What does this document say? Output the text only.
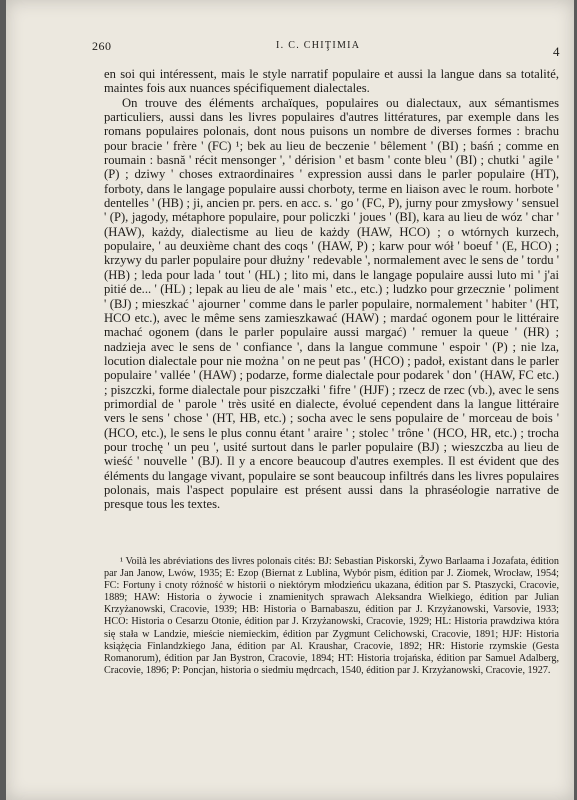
260	I. C. CHIŢIMIA	4

en soi qui intéressent, mais le style narratif populaire et aussi la langue dans sa totalité, maintes fois aux nuances spécifiquement dialectales.

On trouve des éléments archaïques, populaires ou dialectaux, aux sémantismes particuliers, aussi dans les livres populaires d'autres littératures, par exemple dans les romans populaires polonais, dont nous puisons un nombre de diverses formes : brachu pour bracie ' frère ' (FC) ¹; bek au lieu de beczenie ' bêlement ' (BI) ; baśń ; comme en roumain : basnă ' récit mensonger ', ' dérision ' et basm ' conte bleu ' (BI) ; chutki ' agile ' (P) ; dziwy ' choses extraordinaires ' expression aussi dans le parler populaire (HT), forboty, dans le langage populaire aussi chorboty, terme en liaison avec le roum. horbote ' dentelles ' (HB) ; ji, ancien pr. pers. en acc. s. ' go ' (FC, P), jurny pour zmysłowy ' sensuel ' (P), jagody, métaphore populaire, pour policzki ' joues ' (BI), kara au lieu de wóz ' char ' (HAW), każdy, dialectisme au lieu de każdy (HAW, HCO) ; o wtórnych kurzech, populaire, ' au deuxième chant des coqs ' (HAW, P) ; karw pour wół ' boeuf ' (E, HCO) ; krzywy du parler populaire pour dłużny ' redevable ', normalement avec le sens de ' tordu ' (HB) ; leda pour lada ' tout ' (HL) ; lito mi, dans le langage populaire aussi luto mi ' j'ai pitié de... ' (HL) ; lepak au lieu de ale ' mais ' etc., etc.) ; ludzko pour grzecznie ' poliment ' (BJ) ; mieszkać ' ajourner ' comme dans le parler populaire, normalement ' habiter ' (HT, HCO etc.), avec le même sens zamieszkawać (HAW) ; mardać ogonem pour le littéraire machać ogonem (dans le parler populaire aussi margać) ' remuer la queue ' (HR) ; nadzieja avec le sens de ' confiance ', dans la langue commune ' espoir ' (P) ; nie lza, locution dialectale pour nie można ' on ne peut pas ' (HCO) ; padoł, existant dans le parler populaire ' vallée ' (HAW) ; podarze, forme dialectale pour podarek ' don ' (HAW, FC etc.) ; piszczki, forme dialectale pour piszczałki ' fifre ' (HJF) ; rzecz de rzec (vb.), avec le sens primordial de ' parole ' très usité en dialecte, évolué cependent dans la langue littéraire vers le sens ' chose ' (HT, HB, etc.) ; socha avec le sens populaire de ' morceau de bois ' (HCO, etc.), le sens le plus connu étant ' araire ' ; stolec ' trône ' (HCO, HR, etc.) ; trocha pour trochę ' un peu ', usité surtout dans le parler populaire (BJ) ; wieszczba au lieu de wieść ' nouvelle ' (BJ). Il y a encore beaucoup d'autres exemples. Il est évident que des éléments du langage vivant, populaire se sont beaucoup infiltrés dans les livres populaires polonais, mais l'aspect populaire est présent aussi dans la phraséologie narrative de presque tous les textes.

¹ Voilà les abréviations des livres polonais cités: BJ: Sebastian Piskorski, Żywo Barlaama i Jozafata, édition par Jan Janow, Lwów, 1935; E: Ezop (Biernat z Lublina, Wybór pism, édition par J. Ziomek, Wrocław, 1954; FC: Fortuny i cnoty różność w historii o niektórym młodzieńcu ukazana, édition par S. Ptaszycki, Cracovie, 1889; HAW: Historia o żywocie i znamienitych sprawach Aleksandra Wielkiego, édition par Julian Krzyżanowski, Cracovie, 1939; HB: Historia o Barnabaszu, édition par J. Krzyżanowski, Varsovie, 1933; HCO: Historia o Cesarzu Otonie, édition par J. Krzyżanowski, Cracovie, 1929; HL: Historia prawdziwa która się stała w Landzie, mieście niemieckim, édition par Zygmunt Celichowski, Cracovie, 1891; HJF: Historia książęcia Finlandzkiego Jana, édition par Al. Kraushar, Cracovie, 1892; HR: Historie rzymskie (Gesta Romanorum), édition par Jan Bystron, Cracovie, 1894; HT: Historia trojańska, édition par Samuel Adalberg, Cracovie, 1896; P: Poncjan, historia o siedmiu mędrcach, 1540, édition par J. Krzyżanowski, Cracovie, 1927.
